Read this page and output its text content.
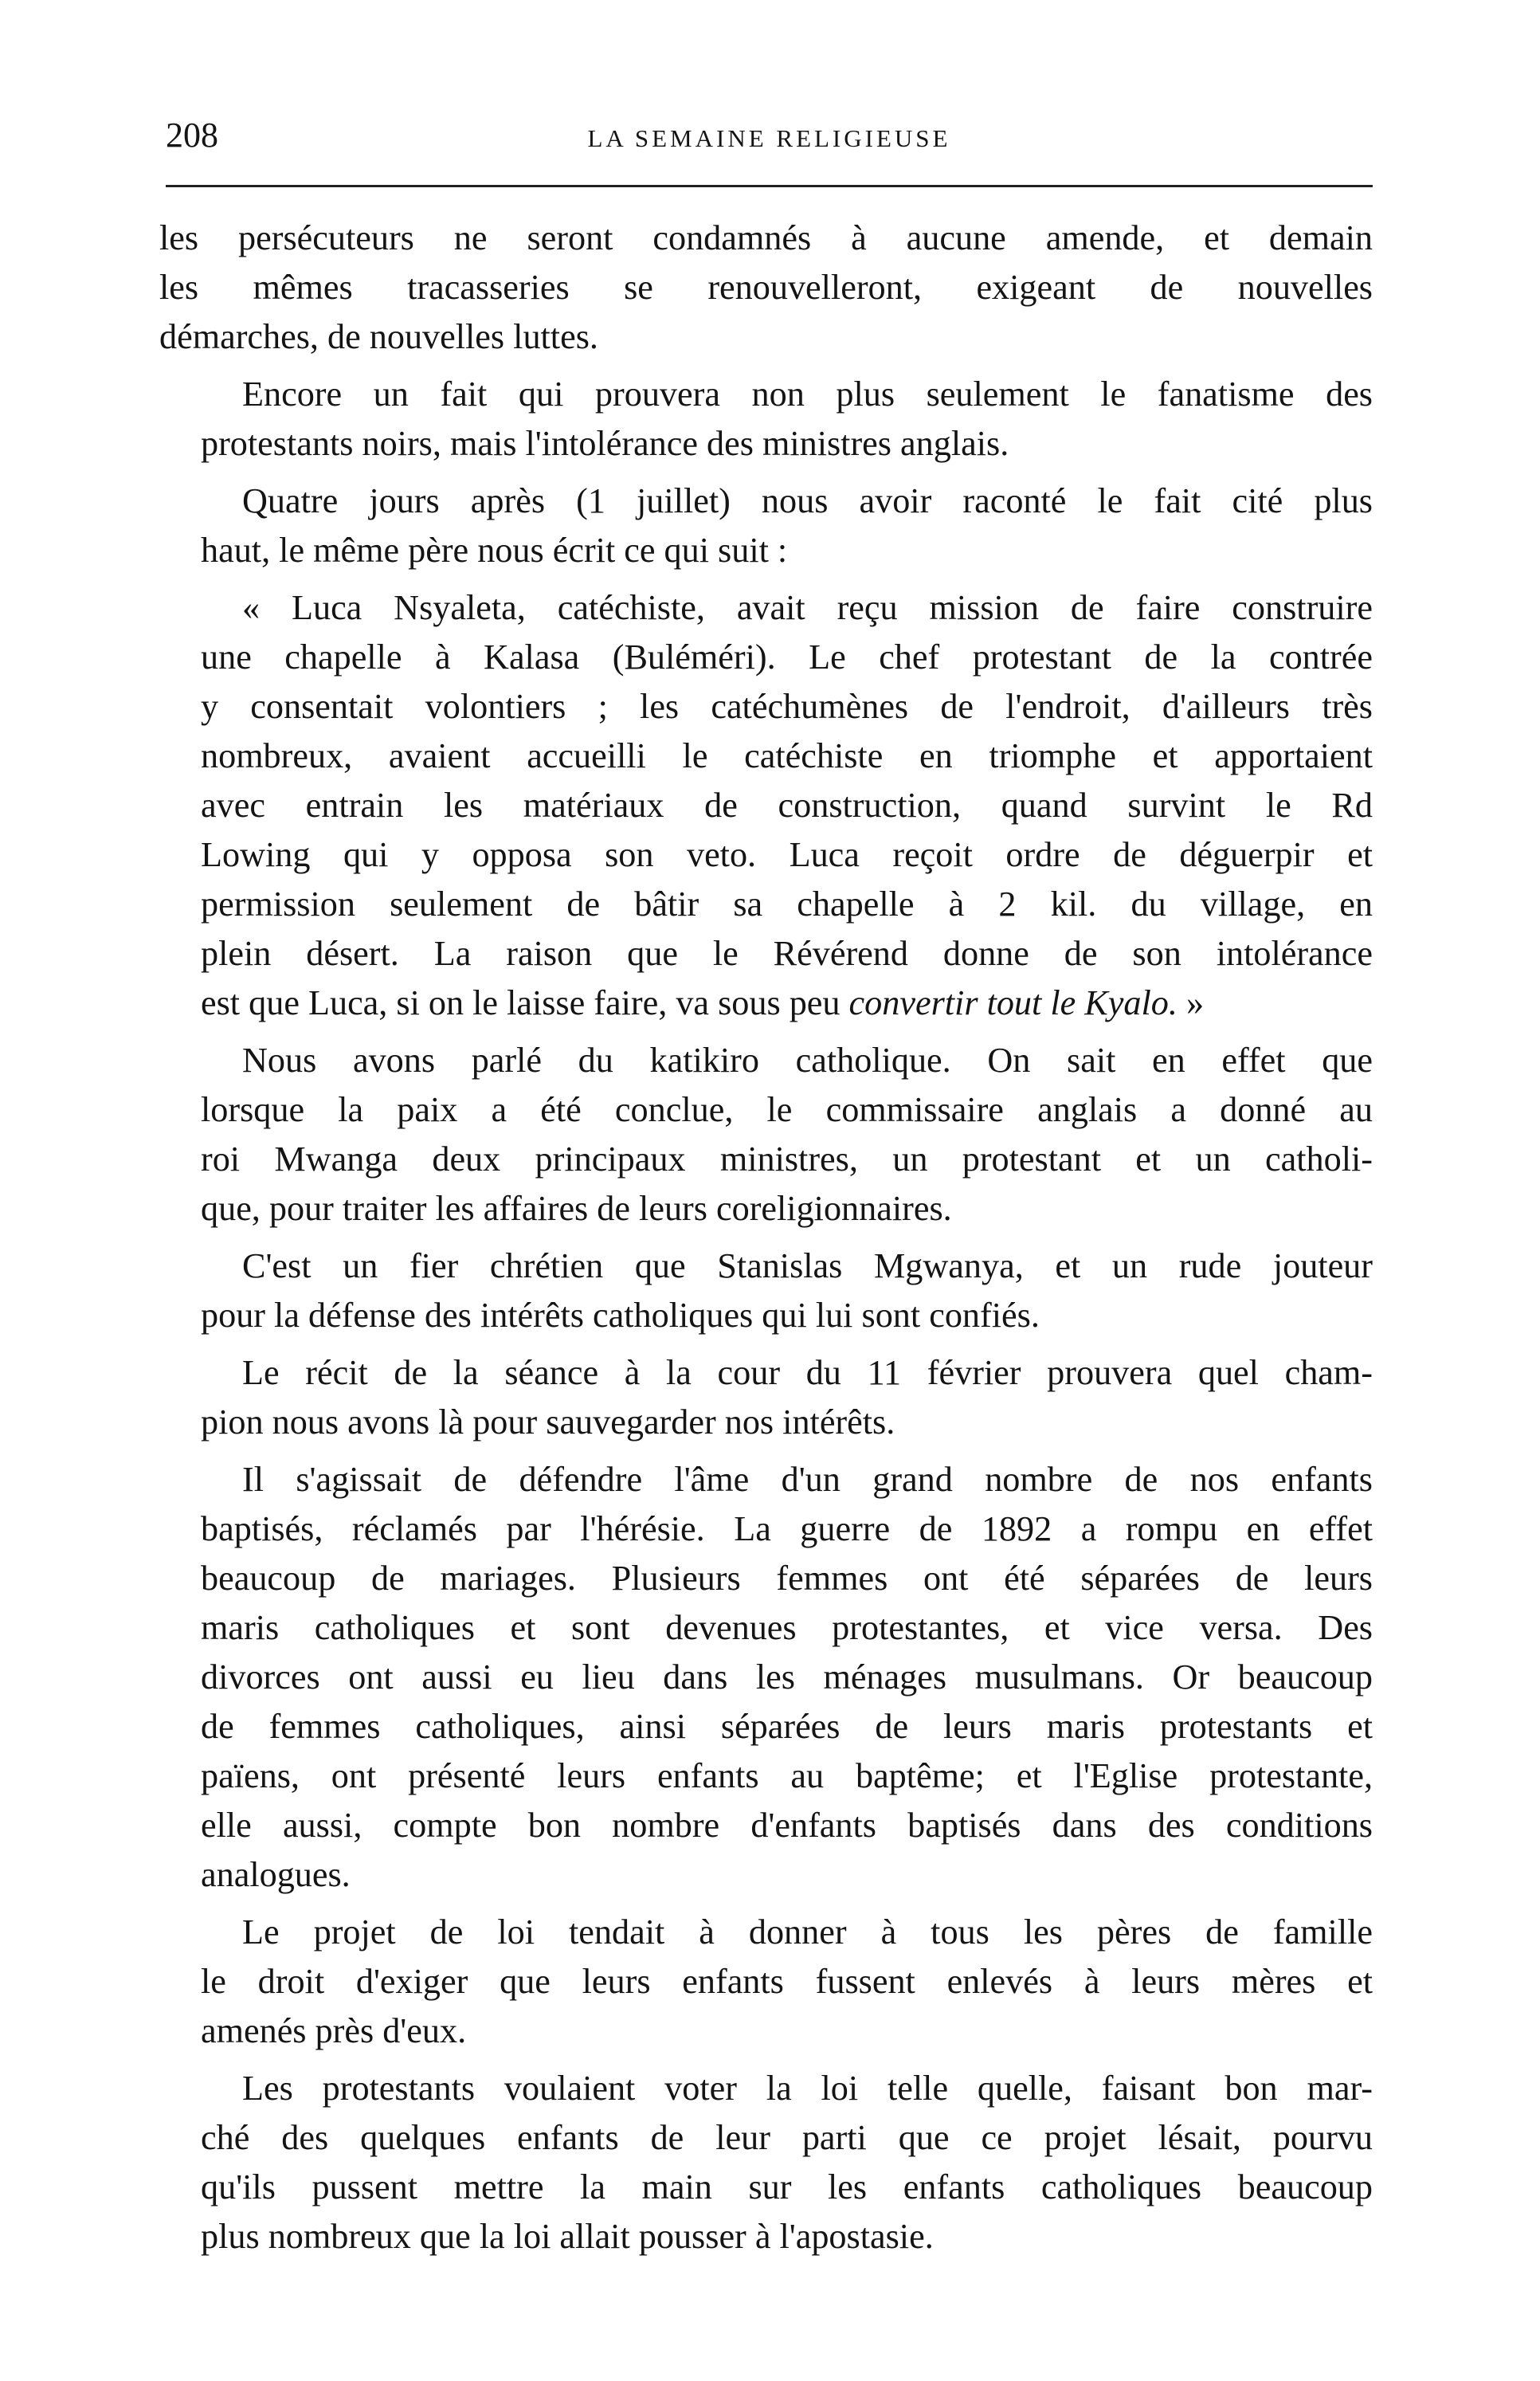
208	LA SEMAINE RELIGIEUSE

les persécuteurs ne seront condamnés à aucune amende, et demain
les mêmes tracasseries se renouvelleront, exigeant de nouvelles
démarches, de nouvelles luttes.

Encore un fait qui prouvera non plus seulement le fanatisme des
protestants noirs, mais l'intolérance des ministres anglais.

Quatre jours après (1 juillet) nous avoir raconté le fait cité plus
haut, le même père nous écrit ce qui suit :

« Luca Nsyaleta, catéchiste, avait reçu mission de faire construire
une chapelle à Kalasa (Buléméri). Le chef protestant de la contrée
y consentait volontiers ; les catéchumènes de l'endroit, d'ailleurs très
nombreux, avaient accueilli le catéchiste en triomphe et apportaient
avec entrain les matériaux de construction, quand survint le Rd
Lowing qui y opposa son veto. Luca reçoit ordre de déguerpir et
permission seulement de bâtir sa chapelle à 2 kil. du village, en
plein désert. La raison que le Révérend donne de son intolérance
est que Luca, si on le laisse faire, va sous peu convertir tout le Kyalo. »

Nous avons parlé du katikiro catholique. On sait en effet que
lorsque la paix a été conclue, le commissaire anglais a donné au
roi Mwanga deux principaux ministres, un protestant et un catholi-
que, pour traiter les affaires de leurs coreligionnaires.

C'est un fier chrétien que Stanislas Mgwanya, et un rude jouteur
pour la défense des intérêts catholiques qui lui sont confiés.

Le récit de la séance à la cour du 11 février prouvera quel cham-
pion nous avons là pour sauvegarder nos intérêts.

Il s'agissait de défendre l'âme d'un grand nombre de nos enfants
baptisés, réclamés par l'hérésie. La guerre de 1892 a rompu en effet
beaucoup de mariages. Plusieurs femmes ont été séparées de leurs
maris catholiques et sont devenues protestantes, et vice versa. Des
divorces ont aussi eu lieu dans les ménages musulmans. Or beaucoup
de femmes catholiques, ainsi séparées de leurs maris protestants et
païens, ont présenté leurs enfants au baptême; et l'Eglise protestante,
elle aussi, compte bon nombre d'enfants baptisés dans des conditions
analogues.

Le projet de loi tendait à donner à tous les pères de famille
le droit d'exiger que leurs enfants fussent enlevés à leurs mères et
amenés près d'eux.

Les protestants voulaient voter la loi telle quelle, faisant bon mar-
ché des quelques enfants de leur parti que ce projet lésait, pourvu
qu'ils pussent mettre la main sur les enfants catholiques beaucoup
plus nombreux que la loi allait pousser à l'apostasie.
